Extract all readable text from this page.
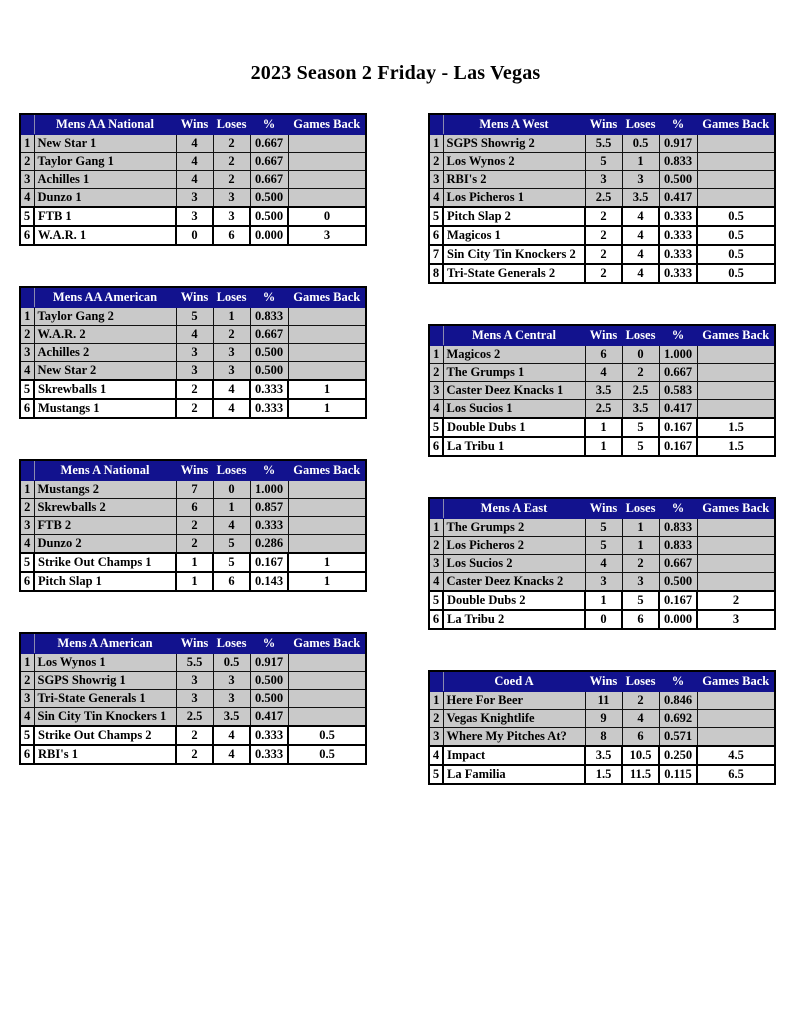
2023 Season 2 Friday - Las Vegas
	Mens AA National	Wins	Loses	%	Games Back
1	New Star 1	4	2	0.667	
2	Taylor Gang 1	4	2	0.667	
3	Achilles 1	4	2	0.667	
4	Dunzo 1	3	3	0.500	
5	FTB 1	3	3	0.500	0
6	W.A.R. 1	0	6	0.000	3
	Mens AA American	Wins	Loses	%	Games Back
1	Taylor Gang 2	5	1	0.833	
2	W.A.R. 2	4	2	0.667	
3	Achilles 2	3	3	0.500	
4	New Star 2	3	3	0.500	
5	Skrewballs 1	2	4	0.333	1
6	Mustangs 1	2	4	0.333	1
	Mens A National	Wins	Loses	%	Games Back
1	Mustangs 2	7	0	1.000	
2	Skrewballs 2	6	1	0.857	
3	FTB 2	2	4	0.333	
4	Dunzo 2	2	5	0.286	
5	Strike Out Champs 1	1	5	0.167	1
6	Pitch Slap 1	1	6	0.143	1
	Mens A American	Wins	Loses	%	Games Back
1	Los Wynos 1	5.5	0.5	0.917	
2	SGPS Showrig 1	3	3	0.500	
3	Tri-State Generals 1	3	3	0.500	
4	Sin City Tin Knockers 1	2.5	3.5	0.417	
5	Strike Out Champs 2	2	4	0.333	0.5
6	RBI's 1	2	4	0.333	0.5
	Mens A West	Wins	Loses	%	Games Back
1	SGPS Showrig 2	5.5	0.5	0.917	
2	Los Wynos 2	5	1	0.833	
3	RBI's 2	3	3	0.500	
4	Los Picheros 1	2.5	3.5	0.417	
5	Pitch Slap 2	2	4	0.333	0.5
6	Magicos 1	2	4	0.333	0.5
7	Sin City Tin Knockers 2	2	4	0.333	0.5
8	Tri-State Generals 2	2	4	0.333	0.5
	Mens A Central	Wins	Loses	%	Games Back
1	Magicos 2	6	0	1.000	
2	The Grumps 1	4	2	0.667	
3	Caster Deez Knacks 1	3.5	2.5	0.583	
4	Los Sucios 1	2.5	3.5	0.417	
5	Double Dubs 1	1	5	0.167	1.5
6	La Tribu 1	1	5	0.167	1.5
	Mens A East	Wins	Loses	%	Games Back
1	The Grumps 2	5	1	0.833	
2	Los Picheros 2	5	1	0.833	
3	Los Sucios 2	4	2	0.667	
4	Caster Deez Knacks 2	3	3	0.500	
5	Double Dubs 2	1	5	0.167	2
6	La Tribu 2	0	6	0.000	3
	Coed A	Wins	Loses	%	Games Back
1	Here For Beer	11	2	0.846	
2	Vegas Knightlife	9	4	0.692	
3	Where My Pitches At?	8	6	0.571	
4	Impact	3.5	10.5	0.250	4.5
5	La Familia	1.5	11.5	0.115	6.5
